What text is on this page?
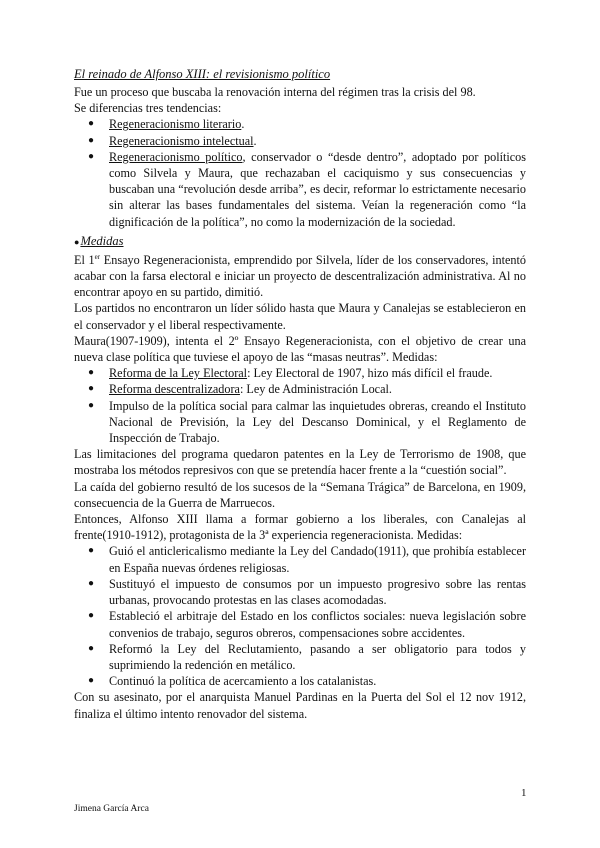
El reinado de Alfonso XIII: el revisionismo político

Fue un proceso que buscaba la renovación interna del régimen tras la crisis del 98.

Se diferencias tres tendencias:

● Regeneracionismo literario.
● Regeneracionismo intelectual.
● Regeneracionismo político, conservador o “desde dentro”, adoptado por políticos como Silvela y Maura, que rechazaban el caciquismo y sus consecuencias y buscaban una “revolución desde arriba”, es decir, reformar lo estrictamente necesario sin alterar las bases fundamentales del sistema. Veían la regeneración como “la dignificación de la política”, no como la modernización de la sociedad.
●Medidas

El 1er Ensayo Regeneracionista, emprendido por Silvela, líder de los conservadores, intentó acabar con la farsa electoral e iniciar un proyecto de descentralización administrativa. Al no encontrar apoyo en su partido, dimitió.

Los partidos no encontraron un líder sólido hasta que Maura y Canalejas se establecieron en el conservador y el liberal respectivamente.

Maura(1907-1909), intenta el 2º Ensayo Regeneracionista, con el objetivo de crear una nueva clase política que tuviese el apoyo de las “masas neutras”. Medidas:

● Reforma de la Ley Electoral: Ley Electoral de 1907, hizo más difícil el fraude.
● Reforma descentralizadora: Ley de Administración Local.
● Impulso de la política social para calmar las inquietudes obreras, creando el Instituto Nacional de Previsión, la Ley del Descanso Dominical, y el Reglamento de Inspección de Trabajo.

Las limitaciones del programa quedaron patentes en la Ley de Terrorismo de 1908, que mostraba los métodos represivos con que se pretendía hacer frente a la “cuestión social”.

La caída del gobierno resultó de los sucesos de la “Semana Trágica” de Barcelona, en 1909, consecuencia de la Guerra de Marruecos.

Entonces, Alfonso XIII llama a formar gobierno a los liberales, con Canalejas al frente(1910-1912), protagonista de la 3ª experiencia regeneracionista. Medidas:

● Guió el anticlericalismo mediante la Ley del Candado(1911), que prohibía establecer en España nuevas órdenes religiosas.
● Sustituyó el impuesto de consumos por un impuesto progresivo sobre las rentas urbanas, provocando protestas en las clases acomodadas.
● Estableció el arbitraje del Estado en los conflictos sociales: nueva legislación sobre convenios de trabajo, seguros obreros, compensaciones sobre accidentes.
● Reformó la Ley del Reclutamiento, pasando a ser obligatorio para todos y suprimiendo la redención en metálico.
● Continuó la política de acercamiento a los catalanistas.

Con su asesinato, por el anarquista Manuel Pardinas en la Puerta del Sol el 12 nov 1912, finaliza el último intento renovador del sistema.

1
Jimena García Arca
